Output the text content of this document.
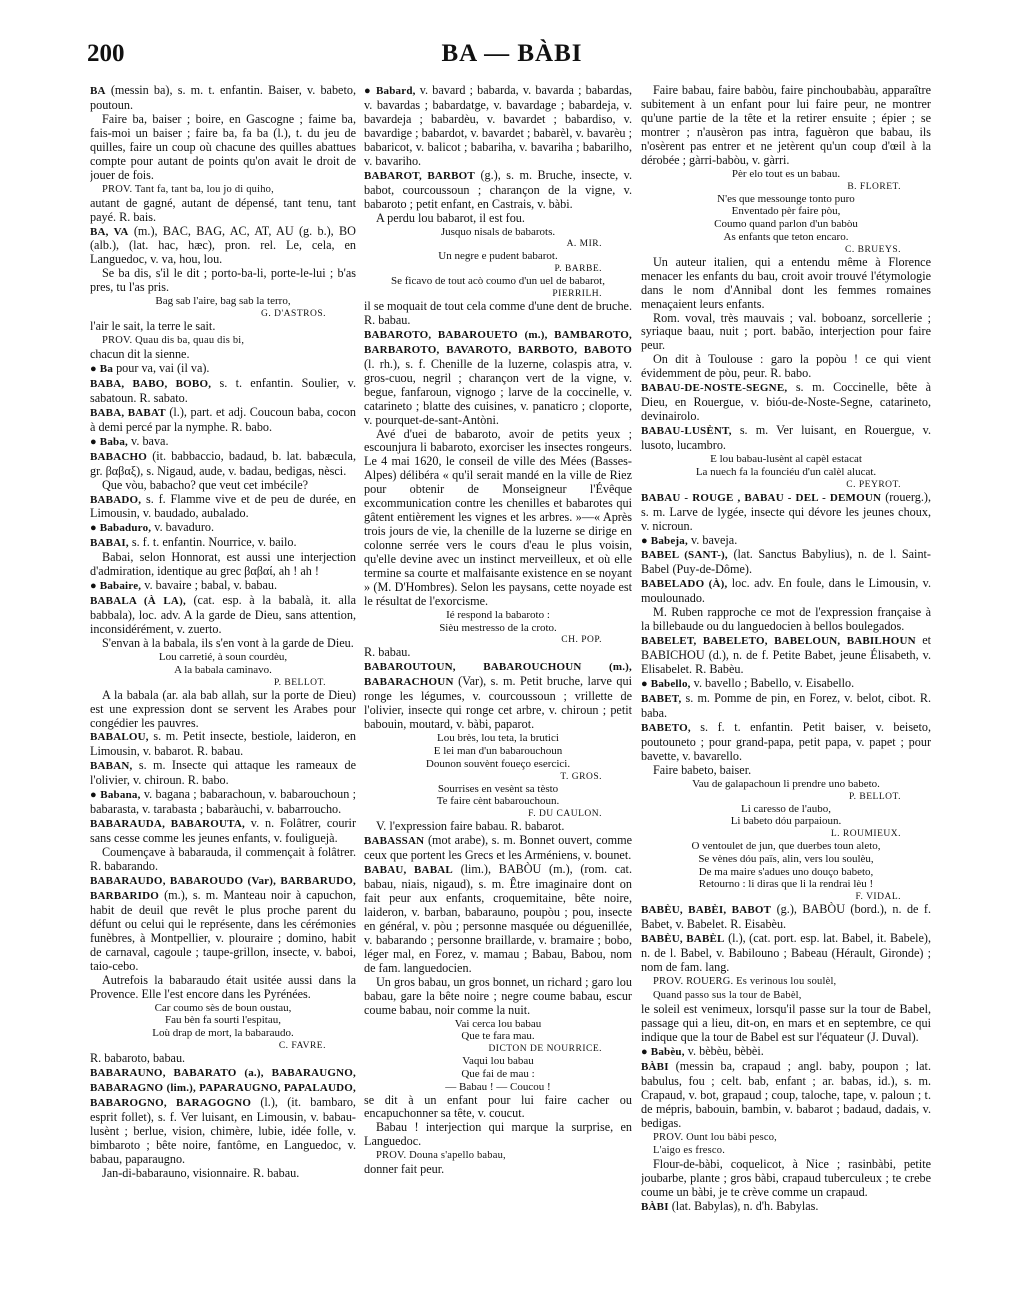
200	BA — BÀBI
BA (messin ba), s. m. t. enfantin. Baiser, v. babeto, poutoun.
Faire ba, baiser ; boire, en Gascogne ; faime ba, fais-moi un baiser ; faire ba, fa ba (l.), t. du jeu de quilles, faire un coup où chacune des quilles abattues compte pour autant de points qu'on avait le droit de jouer de fois.
PROV. Tant fa, tant ba, lou jo di quiho,
autant de gagné, autant de dépensé, tant tenu, tant payé. R. bais.
BA, VA (m.), BAC, BAG, AC, AT, AU (g. b.), BO (alb.), (lat. hac, hæc), pron. rel. Le, cela, en Languedoc, v. va, hou, lou.
Se ba dis, s'il le dit ; porto-ba-li, porte-le-lui ; b'as pres, tu l'as pris.
Bag sab l'aire, bag sab la terro,
G. D'ASTROS.
l'air le sait, la terre le sait.
PROV. Quau dis ba, quau dis bi,
chacun dit la sienne.
● Ba pour va, vai (il va).
BABA, BABO, BOBO, s. t. enfantin. Soulier, v. sabatoun. R. sabato.
BABA, BABAT (l.), part. et adj. Coucoun baba, cocon à demi percé par la nymphe. R. babo.
● Baba, v. bava.
BABACHO (it. babbaccio, badaud, b. lat. babæcula, gr. βαβαξ), s. Nigaud, aude, v. badau, bedigas, nèsci.
Que vòu, babacho? que veut cet imbécile?
BABADO, s. f. Flamme vive et de peu de durée, en Limousin, v. baudado, aubalado.
● Babaduro, v. bavaduro.
BABAI, s. f. t. enfantin. Nourrice, v. bailo.
Babai, selon Honnorat, est aussi une interjection d'admiration, identique au grec βαβαί, ah ! ah !
● Babaire, v. bavaire ; babal, v. babau.
BABALA (À LA), (cat. esp. à la babalà, it. alla babbala), loc. adv. A la garde de Dieu, sans attention, inconsidérément, v. zuerto.
S'envan à la babala, ils s'en vont à la garde de Dieu.
Lou carretié, à soun courdèu,
A la babala caminavo.
P. BELLOT.
A la babala (ar. ala bab allah, sur la porte de Dieu) est une expression dont se servent les Arabes pour congédier les pauvres.
BABALOU, s. m. Petit insecte, bestiole, laideron, en Limousin, v. babarot. R. babau.
BABAN, s. m. Insecte qui attaque les rameaux de l'olivier, v. chiroun. R. babo.
● Babana, v. bagana ; babarachoun, v. babarouchoun ; babarasta, v. tarabasta ; babaràuchi, v. babarroucho.
BABARAUDA, BABAROUTA, v. n. Folâtrer, courir sans cesse comme les jeunes enfants, v. fouliguejà.
Coumençave à babarauda, il commençait à folâtrer. R. babarando.
BABARAUDO, BABAROUDO (Var), BARBARUDO, BARBARIDO (m.), s. m. Manteau noir à capuchon, habit de deuil que revêt le plus proche parent du défunt ou celui qui le représente, dans les cérémonies funèbres, à Montpellier, v. plouraire ; domino, habit de carnaval, cagoule ; taupe-grillon, insecte, v. baboi, taio-cebo.
Autrefois la babaraudo était usitée aussi dans la Provence. Elle l'est encore dans les Pyrénées.
Car coumo sès de boun oustau,
Fau bèn fa sourti l'espitau,
Loù drap de mort, la babaraudo.
C. FAVRE.
R. babaroto, babau.
BABARAUNO, BABARATO (a.), BABARAUGNO, BABARAGNO (lim.), PAPARAUGNO, PAPALAUDO, BABAROGNO, BARAGOGNO (l.), (it. bambaro, esprit follet), s. f. Ver luisant, en Limousin, v. babau-lusènt ; berlue, vision, chimère, lubie, idée folle, v. bimbaroto ; bête noire, fantôme, en Languedoc, v. babau, paparaugno.
Jan-di-babarauno, visionnaire. R. babau.
● Babard, v. bavard ; babarda, v. bavarda ; babardas, v. bavardas ; babardatge, v. bavardage ; babardeja, v. bavardeja ; babardèu, v. bavardet ; babardiso, v. bavardige ; babardot, v. bavardet ; babarèl, v. bavarèu ; babaricot, v. balicot ; babariha, v. bavariha ; babarilho, v. bavariho.
BABAROT, BARBOT (g.), s. m. Bruche, insecte, v. babot, courcoussoun ; charançon de la vigne, v. babaroto ; petit enfant, en Castrais, v. bàbi.
A perdu lou babarot, il est fou.
Jusquo nisals de babarots.
A. MIR.
Un negre e pudent babarot.
P. BARBE.
Se ficavo de tout acò coumo d'un uel de babarot,
PIERRILH.
il se moquait de tout cela comme d'une dent de bruche. R. babau.
BABAROTO, BABAROUETO (m.), BAMBAROTO, BARBAROTO, BAVAROTO, BARBOTO, BABOTO (l. rh.), s. f. Chenille de la luzerne, colaspis atra, v. gros-cuou, negril ; charançon vert de la vigne, v. begue, fanfaroun, vignogo ; larve de la coccinelle, v. catarineto ; blatte des cuisines, v. panaticro ; cloporte, v. pourquet-de-sant-Antòni.
Avé d'uei de babaroto, avoir de petits yeux ; escounjura li babaroto, exorciser les insectes rongeurs. Le 4 mai 1620, le conseil de ville des Mées (Basses-Alpes) délibéra « qu'il serait mandé en la ville de Riez pour obtenir de Monseigneur l'Évêque excommunication contre les chenilles et babarotes qui gâtent entièrement les vignes et les arbres. »—« Après trois jours de vie, la chenille de la luzerne se dirige en colonne serrée vers le cours d'eau le plus voisin, qu'elle devine avec un instinct merveilleux, et où elle termine sa courte et malfaisante existence en se noyant » (M. D'Hombres). Selon les paysans, cette noyade est le résultat de l'exorcisme.
Ié respond la babaroto :
Sièu mestresso de la croto.
CH. POP.
R. babau.
BABAROUTOUN, BABAROUCHOUN (m.), BABARACHOUN (Var), s. m. Petit bruche, larve qui ronge les légumes, v. courcoussoun ; vrillette de l'olivier, insecte qui ronge cet arbre, v. chiroun ; petit babouin, moutard, v. bàbi, paparot.
Lou brès, lou teta, la brutici
E lei man d'un babarouchoun
Dounon souvènt foueço esercici.
T. GROS.
Sourrises en vesènt sa tèsto
Te faire cènt babarouchoun.
F. DU CAULON.
V. l'expression faire babau. R. babarot.
BABASSAN (mot arabe), s. m. Bonnet ouvert, comme ceux que portent les Grecs et les Arméniens, v. bounet.
BABAU, BABAL (lim.), BABÒU (m.), (rom. cat. babau, niais, nigaud), s. m. Être imaginaire dont on fait peur aux enfants, croquemitaine, bête noire, laideron, v. barban, babarauno, poupòu ; pou, insecte en général, v. pòu ; personne masquée ou déguenillée, v. babarando ; personne braillarde, v. bramaire ; bobo, léger mal, en Forez, v. mamau ; Babau, Babou, nom de fam. languedocien.
Un gros babau, un gros bonnet, un richard ; garo lou babau, gare la bête noire ; negre coume babau, escur coume babau, noir comme la nuit.
Vai cerca lou babau
Que te fara mau.
DICTON DE NOURRICE.
Vaqui lou babau
Que fai de mau :
— Babau ! — Coucou !
se dit à un enfant pour lui faire cacher ou encapuchonner sa tête, v. coucut.
Babau ! interjection qui marque la surprise, en Languedoc.
PROV. Douna s'apello babau,
donner fait peur.
Faire babau, faire babòu, faire pinchoubabàu, apparaître subitement à un enfant pour lui faire peur, ne montrer qu'une partie de la tête et la retirer ensuite ; épier ; se montrer ; n'ausèron pas intra, faguèron que babau, ils n'osèrent pas entrer et ne jetèrent qu'un coup d'œil à la dérobée ; gàrri-babòu, v. gàrri.
Pèr elo tout es un babau.
B. FLORET.
N'es que messounge tonto puro
Enventado pèr faire pòu,
Coumo quand parlon d'un babòu
As enfants que teton encaro.
C. BRUEYS.
Un auteur italien, qui a entendu même à Florence menacer les enfants du bau, croit avoir trouvé l'étymologie dans le nom d'Annibal dont les femmes romaines menaçaient leurs enfants.
Rom. voval, très mauvais ; val. boboanz, sorcellerie ; syriaque baau, nuit ; port. babão, interjection pour faire peur.
On dit à Toulouse : garo la popòu ! ce qui vient évidemment de pòu, peur. R. babo.
BABAU-DE-NOSTE-SEGNE, s. m. Coccinelle, bête à Dieu, en Rouergue, v. bióu-de-Noste-Segne, catarineto, devinairolo.
BABAU-LUSÈNT, s. m. Ver luisant, en Rouergue, v. lusoto, lucambro.
E lou babau-lusènt al capèl estacat
La nuech fa la founciéu d'un calèl alucat.
C. PEYROT.
BABAU - ROUGE , BABAU - DEL - DEMOUN (rouerg.), s. m. Larve de lygée, insecte qui dévore les jeunes choux, v. nicroun.
● Babeja, v. baveja.
BABEL (SANT-), (lat. Sanctus Babylius), n. de l. Saint-Babel (Puy-de-Dôme).
BABELADO (À), loc. adv. En foule, dans le Limousin, v. moulounado.
M. Ruben rapproche ce mot de l'expression française à la billebaude ou du languedocien à bellos boulegados.
BABELET, BABELETO, BABELOUN, BABILHOUN et BABICHOU (d.), n. de f. Petite Babet, jeune Élisabeth, v. Elisabelet. R. Babèu.
● Babello, v. bavello ; Babello, v. Eisabello.
BABET, s. m. Pomme de pin, en Forez, v. belot, cibot. R. baba.
BABETO, s. f. t. enfantin. Petit baiser, v. beiseto, poutouneto ; pour grand-papa, petit papa, v. papet ; pour bavette, v. bavarello.
Faire babeto, baiser.
Vau de galapachoun li prendre uno babeto.
P. BELLOT.
Li caresso de l'aubo,
Li babeto dóu parpaioun.
L. ROUMIEUX.
O ventoulet de jun, que duerbes toun aleto,
Se vènes dóu païs, alin, vers lou soulèu,
De ma maire s'adues uno douço babeto,
Retourno : li diras que li la rendrai lèu !
F. VIDAL.
BABÈU, BABÈI, BABOT (g.), BABÒU (bord.), n. de f. Babet, v. Babelet. R. Eisabèu.
BABÈU, BABÈL (l.), (cat. port. esp. lat. Babel, it. Babele), n. de l. Babel, v. Babilouno ; Babeau (Hérault, Gironde) ; nom de fam. lang.
PROV. ROUERG. Es verinous lou soulèl,
Quand passo sus la tour de Babèl,
le soleil est venimeux, lorsqu'il passe sur la tour de Babel, passage qui a lieu, dit-on, en mars et en septembre, ce qui indique que la tour de Babel est sur l'équateur (J. Duval).
● Babèu, v. bèbèu, bèbèi.
BÀBI (messin ba, crapaud ; angl. baby, poupon ; lat. babulus, fou ; celt. bab, enfant ; ar. babas, id.), s. m. Crapaud, v. bot, grapaud ; coup, taloche, tape, v. paloun ; t. de mépris, babouin, bambin, v. babarot ; badaud, dadais, v. bedigas.
PROV. Ount lou bàbi pesco,
L'aigo es fresco.
Flour-de-bàbi, coquelicot, à Nice ; rasinbàbi, petite joubarbe, plante ; gros bàbi, crapaud tuberculeux ; te crebe coume un bàbi, je te crève comme un crapaud.
BÀBI (lat. Babylas), n. d'h. Babylas.
